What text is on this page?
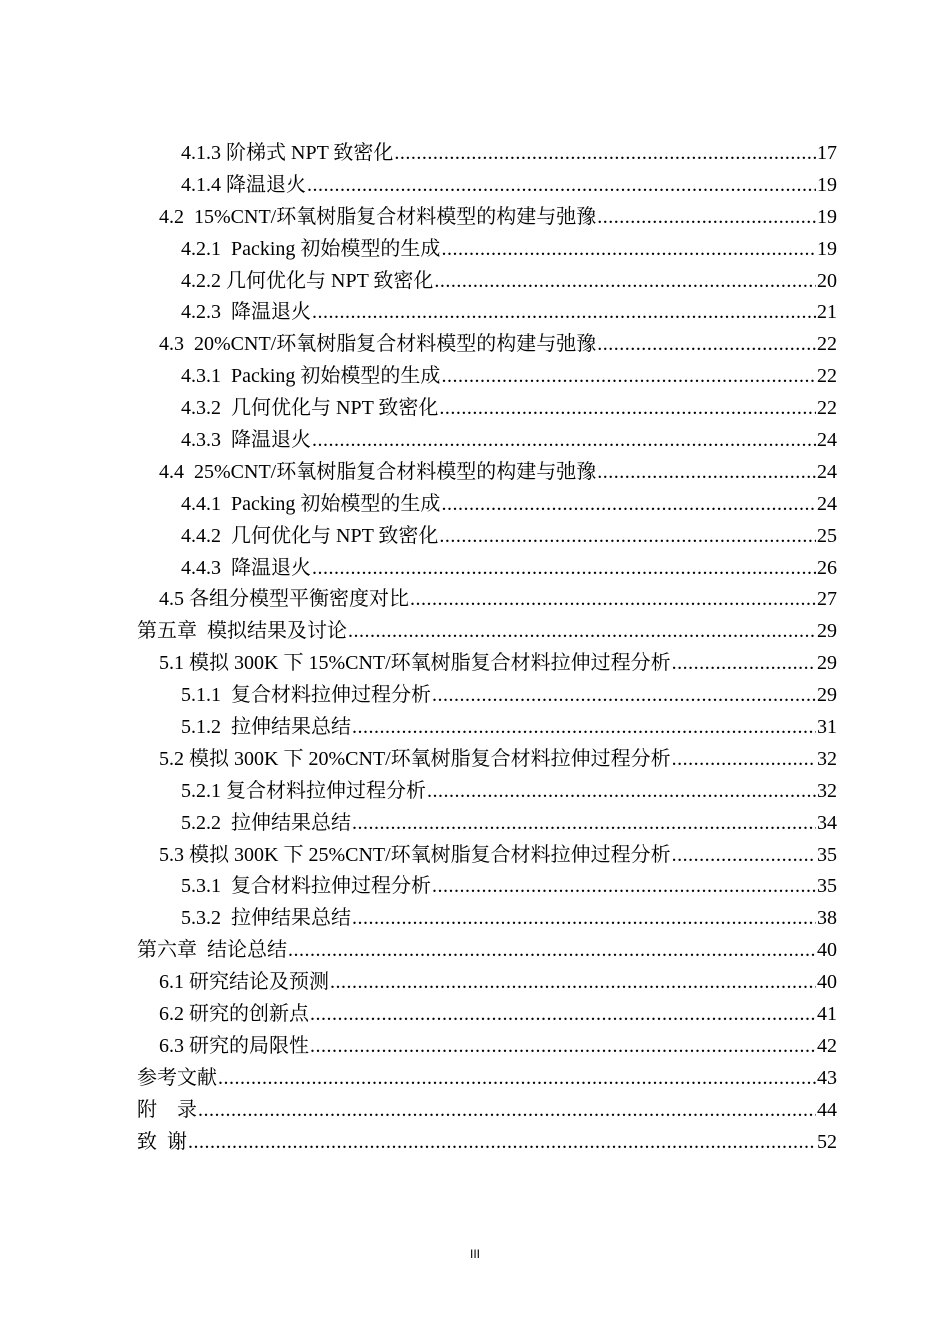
4.1.3 阶梯式 NPT 致密化 .....	17
4.1.4 降温退火 .....	19
4.2  15%CNT/环氧树脂复合材料模型的构建与弛豫 .....	19
4.2.1  Packing 初始模型的生成 .....	19
4.2.2 几何优化与 NPT 致密化 .....	20
4.2.3  降温退火 .....	21
4.3  20%CNT/环氧树脂复合材料模型的构建与弛豫 .....	22
4.3.1  Packing 初始模型的生成 .....	22
4.3.2  几何优化与 NPT 致密化 .....	22
4.3.3  降温退火 .....	24
4.4  25%CNT/环氧树脂复合材料模型的构建与弛豫 .....	24
4.4.1  Packing 初始模型的生成 .....	24
4.4.2  几何优化与 NPT 致密化 .....	25
4.4.3  降温退火 .....	26
4.5 各组分模型平衡密度对比 .....	27
第五章  模拟结果及讨论 .....	29
5.1 模拟 300K 下 15%CNT/环氧树脂复合材料拉伸过程分析 .....	29
5.1.1  复合材料拉伸过程分析 .....	29
5.1.2  拉伸结果总结 .....	31
5.2 模拟 300K 下 20%CNT/环氧树脂复合材料拉伸过程分析 .....	32
5.2.1 复合材料拉伸过程分析 .....	32
5.2.2  拉伸结果总结 .....	34
5.3 模拟 300K 下 25%CNT/环氧树脂复合材料拉伸过程分析 .....	35
5.3.1  复合材料拉伸过程分析 .....	35
5.3.2  拉伸结果总结 .....	38
第六章  结论总结 .....	40
6.1 研究结论及预测 .....	40
6.2 研究的创新点 .....	41
6.3 研究的局限性 .....	42
参考文献 .....	43
附    录 .....	44
致  谢 .....	52
III
